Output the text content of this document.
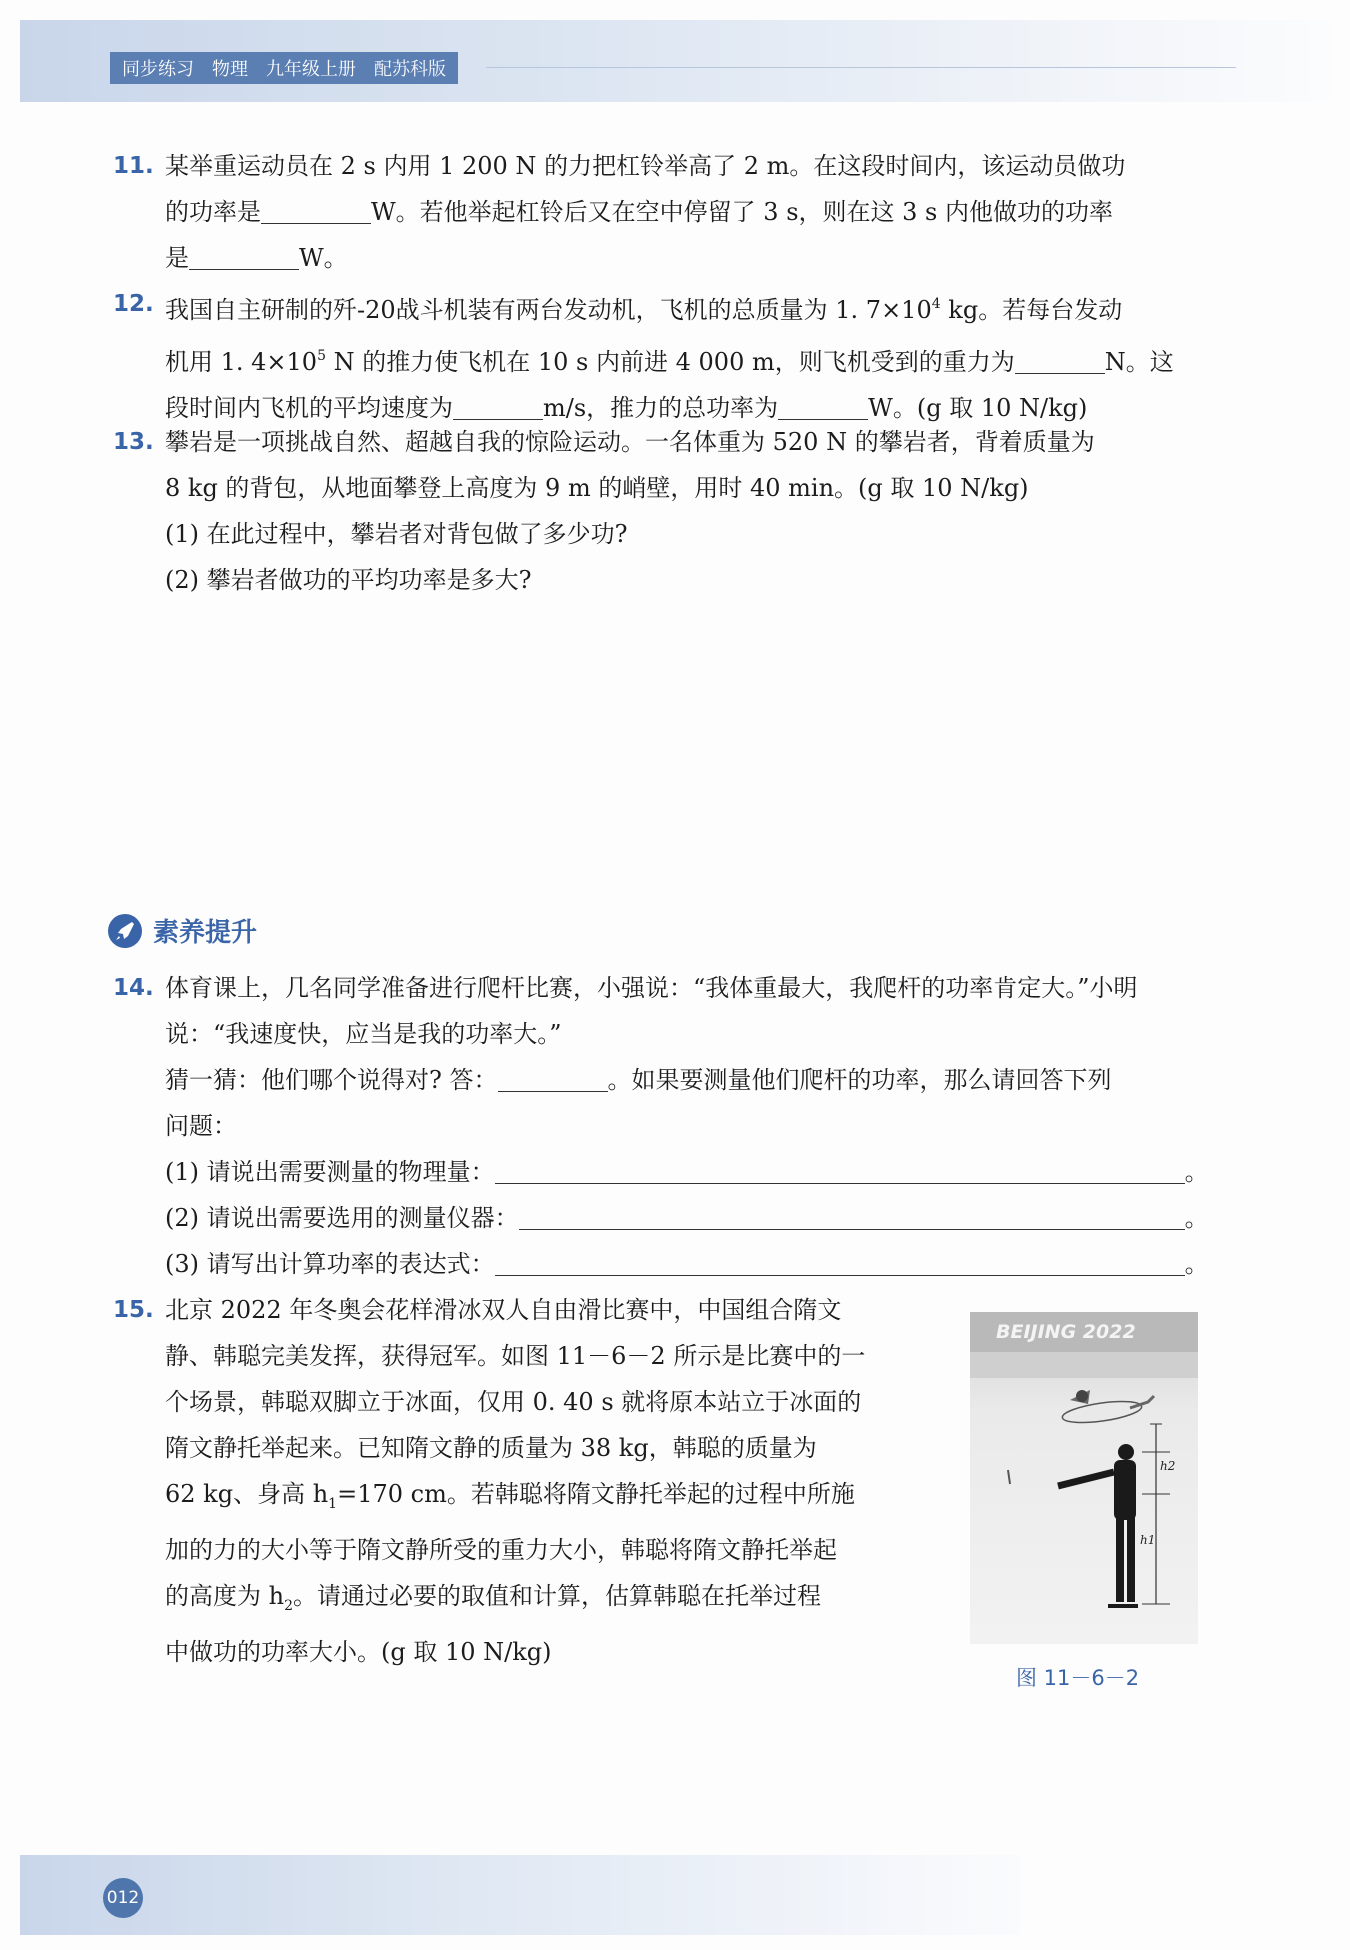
同步练习 物理 九年级上册 配苏科版
11. 某举重运动员在 2 s 内用 1 200 N 的力把杠铃举高了 2 m。在这段时间内，该运动员做功
的功率是	W。若他举起杠铃后又在空中停留了 3 s，则在这 3 s 内他做功的功率
是	W。
12. 我国自主研制的歼-20战斗机装有两台发动机，飞机的总质量为 1. $7\times 10^4$ kg。若每台发动
机用 1. $4\times 10^5$ N 的推力使飞机在 10 s 内前进 4 000 m，则飞机受到的重力为	N。这
段时间内飞机的平均速度为	m/s，推力的总功率为	W。(g 取 10 N/kg)
13. 攀岩是一项挑战自然、超越自我的惊险运动。一名体重为 520 N 的攀岩者，背着质量为
8 kg 的背包，从地面攀登上高度为 9 m 的峭壁，用时 40 min。(g 取 10 N/kg)
(1) 在此过程中，攀岩者对背包做了多少功?
(2) 攀岩者做功的平均功率是多大?
素养提升
14. 体育课上，几名同学准备进行爬杆比赛，小强说：“我体重最大，我爬杆的功率肯定大。”小明
说：“我速度快，应当是我的功率大。”
猜一猜：他们哪个说得对? 答：	。如果要测量他们爬杆的功率，那么请回答下列
问题：
(1) 请说出需要测量的物理量：	。
(2) 请说出需要选用的测量仪器：	。
(3) 请写出计算功率的表达式：	。
15. 北京 2022 年冬奥会花样滑冰双人自由滑比赛中，中国组合隋文
静、韩聪完美发挥，获得冠军。如图 11－6－2 所示是比赛中的一
个场景，韩聪双脚立于冰面，仅用 0. 40 s 就将原本站立于冰面的
隋文静托举起来。已知隋文静的质量为 38 kg，韩聪的质量为
62 kg、身高 $h_1=170$ cm。若韩聪将隋文静托举起的过程中所施
加的力的大小等于隋文静所受的重力大小，韩聪将隋文静托举起
的高度为 $h_2$。请通过必要的取值和计算，估算韩聪在托举过程
中做功的功率大小。(g 取 10 N/kg)
BEIJING 2022
h2
h1
图 11－6－2
012
